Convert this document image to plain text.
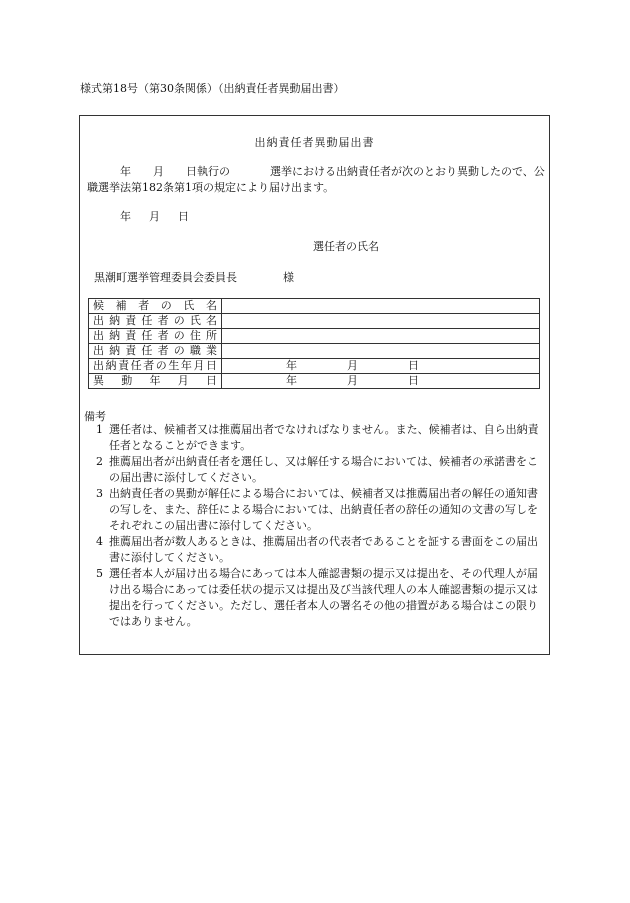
様式第18号（第30条関係）（出納責任者異動届出書）
出納責任者異動届出書
年 月 日執行の	選挙における出納責任者が次のとおり異動したので、公職選挙法第182条第1項の規定により届け出ます。
年 月 日
選任者の氏名
黒潮町選挙管理委員会委員長	様
候補者の氏名	
出納責任者の氏名	
出納責任者の住所	
出納責任者の職業	
出納責任者の生年月日	年 月 日
異動年月日	年 月 日
備考
1 選任者は、候補者又は推薦届出者でなければなりません。また、候補者は、自ら出納責任者となることができます。
2 推薦届出者が出納責任者を選任し、又は解任する場合においては、候補者の承諾書をこの届出書に添付してください。
3 出納責任者の異動が解任による場合においては、候補者又は推薦届出者の解任の通知書の写しを、また、辞任による場合においては、出納責任者の辞任の通知の文書の写しをそれぞれこの届出書に添付してください。
4 推薦届出者が数人あるときは、推薦届出者の代表者であることを証する書面をこの届出書に添付してください。
5 選任者本人が届け出る場合にあっては本人確認書類の提示又は提出を、その代理人が届け出る場合にあっては委任状の提示又は提出及び当該代理人の本人確認書類の提示又は提出を行ってください。ただし、選任者本人の署名その他の措置がある場合はこの限りではありません。
